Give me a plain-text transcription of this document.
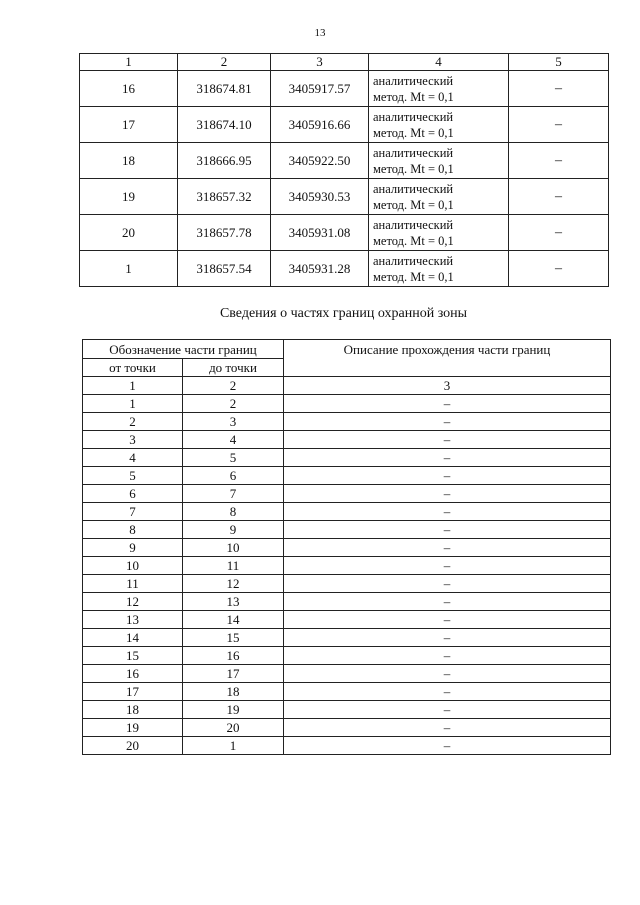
13
1	2	3	4	5
16	318674.81	3405917.57	аналитический
метод. Mt = 0,1	–
17	318674.10	3405916.66	аналитический
метод. Mt = 0,1	–
18	318666.95	3405922.50	аналитический
метод. Mt = 0,1	–
19	318657.32	3405930.53	аналитический
метод. Mt = 0,1	–
20	318657.78	3405931.08	аналитический
метод. Mt = 0,1	–
1	318657.54	3405931.28	аналитический
метод. Mt = 0,1	–
Сведения о частях границ охранной зоны
Обозначение части границ		Описание прохождения части границ
от точки	до точки	
1	2	3
1	2	–
2	3	–
3	4	–
4	5	–
5	6	–
6	7	–
7	8	–
8	9	–
9	10	–
10	11	–
11	12	–
12	13	–
13	14	–
14	15	–
15	16	–
16	17	–
17	18	–
18	19	–
19	20	–
20	1	–
